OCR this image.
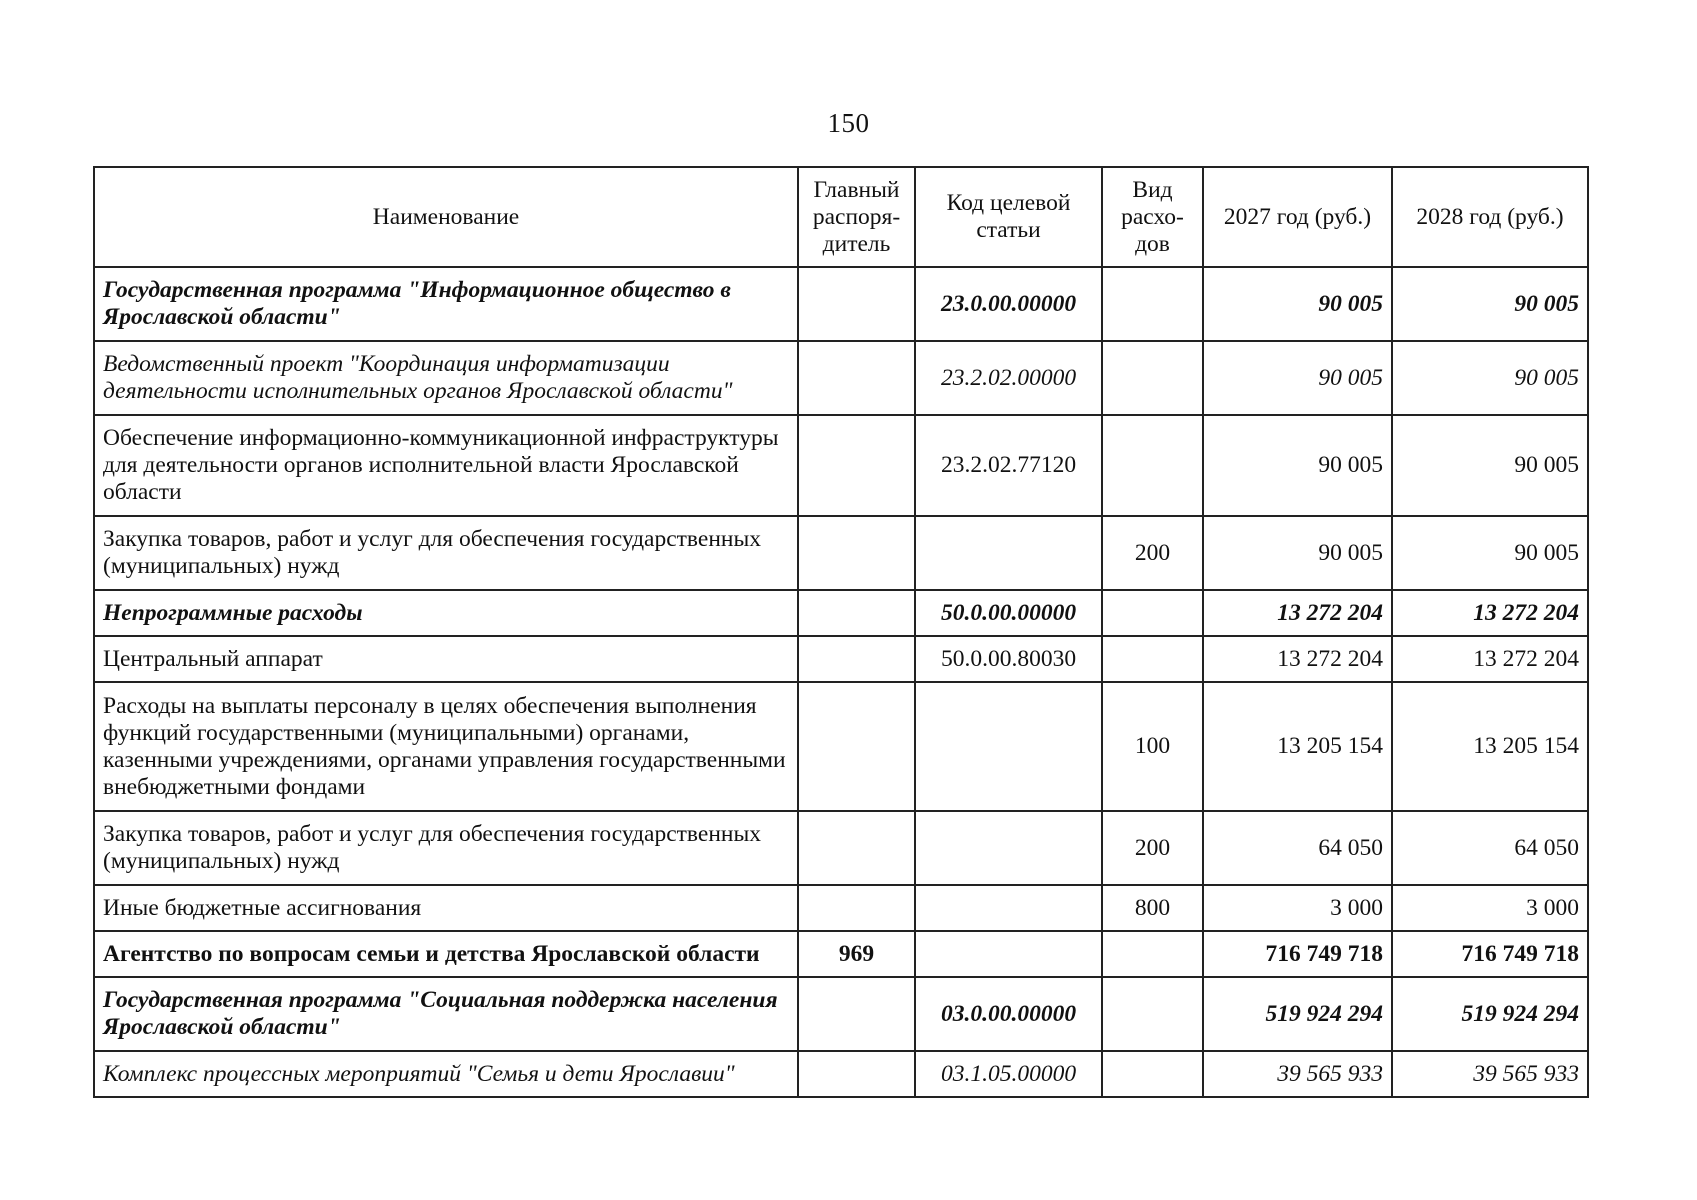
150
Наименование	Главный распоря-дитель	Код целевой статьи	Вид расхо-дов	2027 год (руб.)	2028 год (руб.)
Государственная программа "Информационное общество в Ярославской области"		23.0.00.00000		90 005	90 005
Ведомственный проект "Координация информатизации деятельности исполнительных органов Ярославской области"		23.2.02.00000		90 005	90 005
Обеспечение информационно-коммуникационной инфраструктуры для деятельности органов исполнительной власти Ярославской области		23.2.02.77120		90 005	90 005
Закупка товаров, работ и услуг для обеспечения государственных (муниципальных) нужд			200	90 005	90 005
Непрограммные расходы		50.0.00.00000		13 272 204	13 272 204
Центральный аппарат		50.0.00.80030		13 272 204	13 272 204
Расходы на выплаты персоналу в целях обеспечения выполнения функций государственными (муниципальными) органами, казенными учреждениями, органами управления государственными внебюджетными фондами			100	13 205 154	13 205 154
Закупка товаров, работ и услуг для обеспечения государственных (муниципальных) нужд			200	64 050	64 050
Иные бюджетные ассигнования			800	3 000	3 000
Агентство по вопросам семьи и детства Ярославской области	969			716 749 718	716 749 718
Государственная программа "Социальная поддержка населения Ярославской области"		03.0.00.00000		519 924 294	519 924 294
Комплекс процессных мероприятий "Семья и дети Ярославии"		03.1.05.00000		39 565 933	39 565 933
